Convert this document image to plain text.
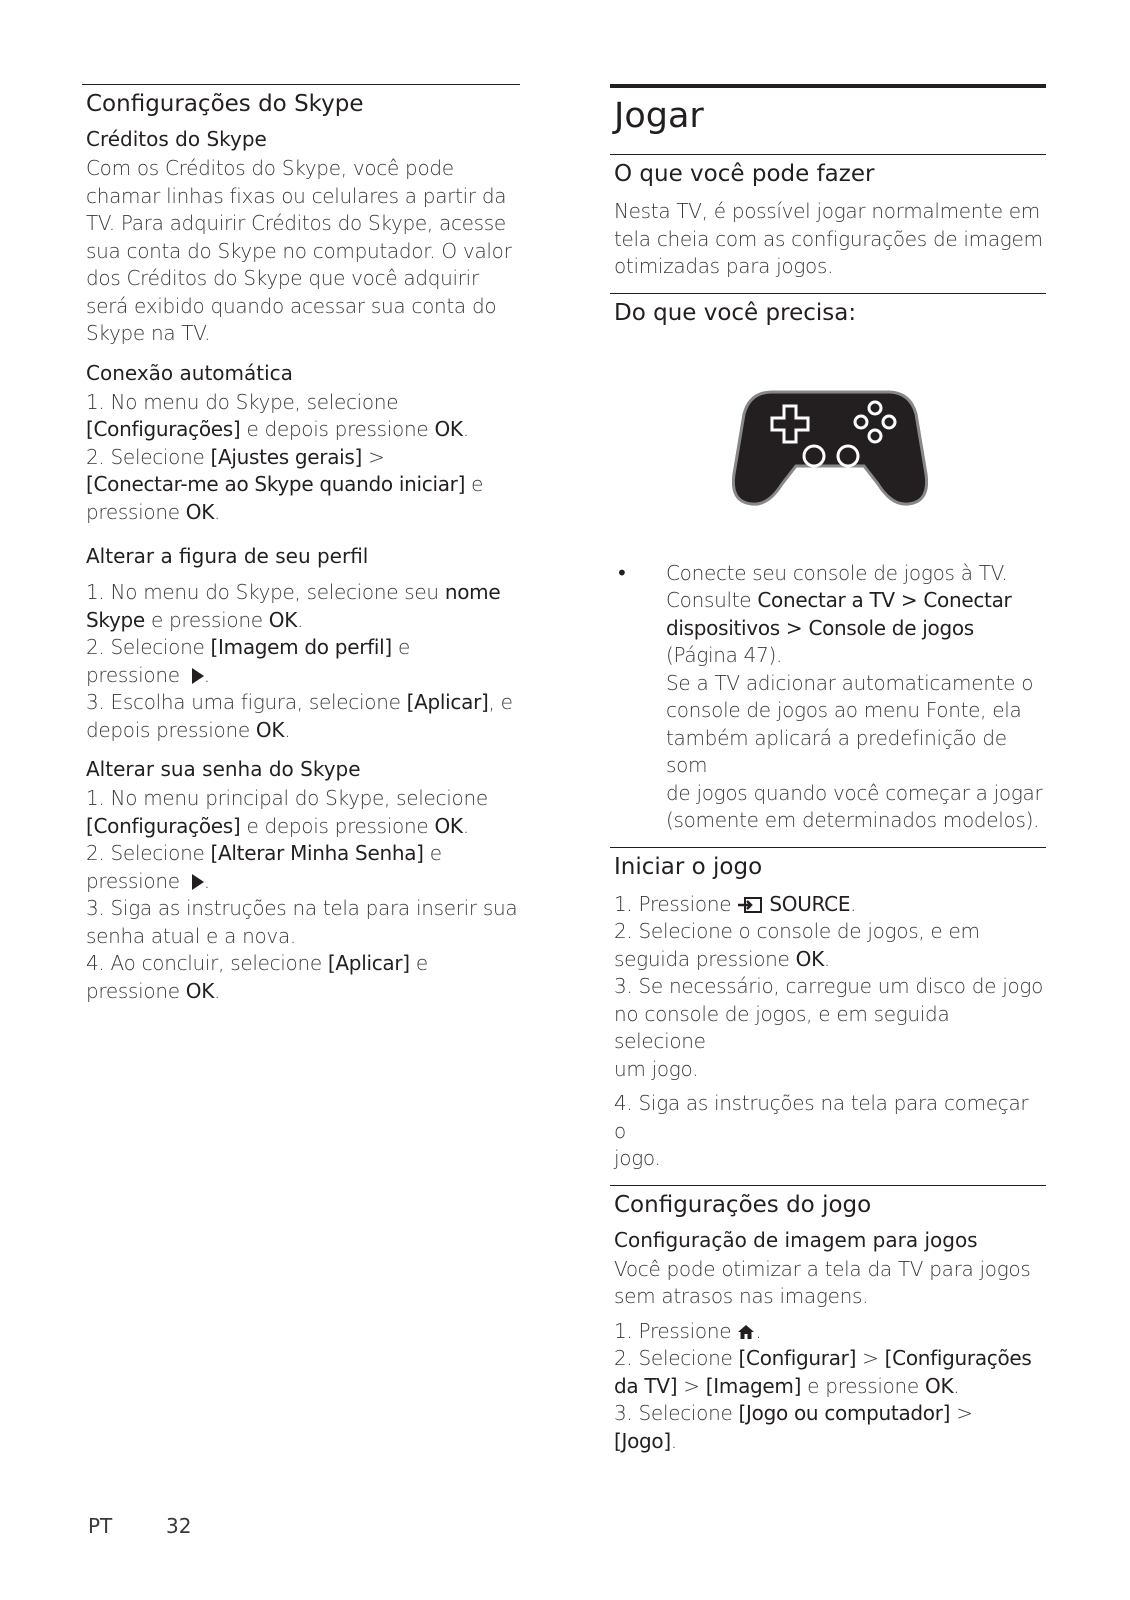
Configurações do Skype
Créditos do Skype

Com os Créditos do Skype, você pode

chamar linhas fixas ou celulares a partir da

TV. Para adquirir Créditos do Skype, acesse

sua conta do Skype no computador. O valor

dos Créditos do Skype que você adquirir

será exibido quando acessar sua conta do

Skype na TV.

Conexão automática

1. No menu do Skype, selecione

[Configurações] e depois pressione OK.

2. Selecione [Ajustes gerais] >

[Conectar-me ao Skype quando iniciar] e

pressione OK.

Alterar a figura de seu perfil

1. No menu do Skype, selecione seu nome

Skype e pressione OK.

2. Selecione [Imagem do perfil] e

pressione .

3. Escolha uma figura, selecione [Aplicar], e

depois pressione OK.

Alterar sua senha do Skype

1. No menu principal do Skype, selecione

[Configurações] e depois pressione OK.

2. Selecione [Alterar Minha Senha] e

pressione .

3. Siga as instruções na tela para inserir sua

senha atual e a nova.

4. Ao concluir, selecione [Aplicar] e

pressione OK.

Jogar
O que você pode fazer

Nesta TV, é possível jogar normalmente em

tela cheia com as configurações de imagem

otimizadas para jogos.

Do que você precisa:
• Conecte seu console de jogos à TV.

Consulte Conectar a TV > Conectar

dispositivos > Console de jogos

(Página 47).

Se a TV adicionar automaticamente o

console de jogos ao menu Fonte, ela

também aplicará a predefinição de som

de jogos quando você começar a jogar

(somente em determinados modelos).

Iniciar o jogo

1. Pressione  SOURCE.

2. Selecione o console de jogos, e em

seguida pressione OK.

3. Se necessário, carregue um disco de jogo

no console de jogos, e em seguida selecione

um jogo.

4. Siga as instruções na tela para começar o

jogo.

Configurações do jogo
Configuração de imagem para jogos

Você pode otimizar a tela da TV para jogos

sem atrasos nas imagens.

1. Pressione .

2. Selecione [Configurar] > [Configurações

da TV] > [Imagem] e pressione OK.

3. Selecione [Jogo ou computador] >

[Jogo].

PT	32
